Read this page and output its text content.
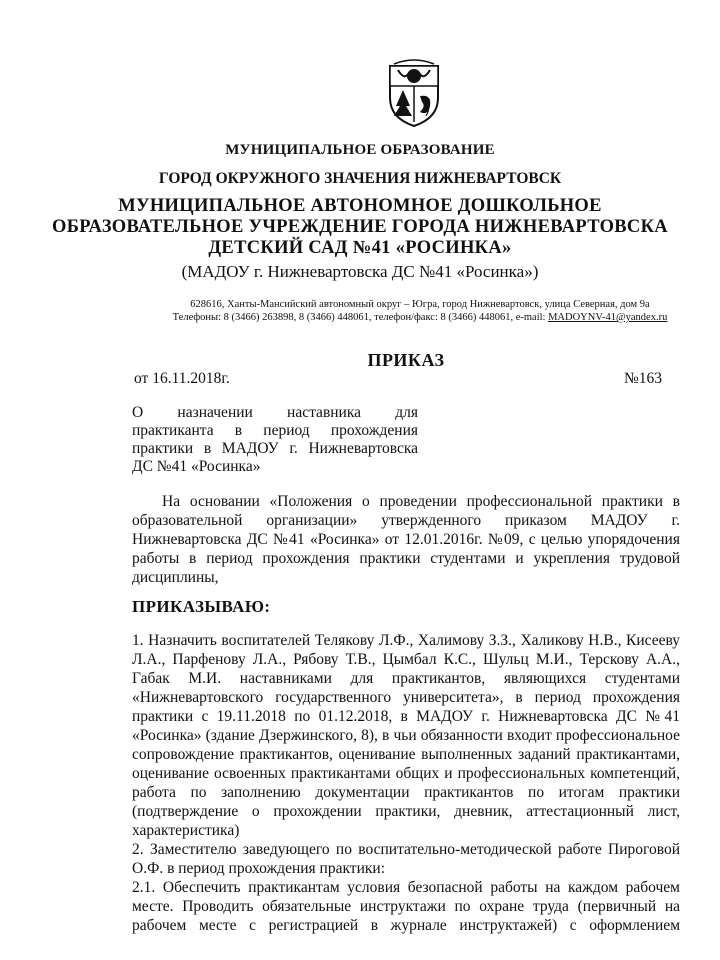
МУНИЦИПАЛЬНОЕ ОБРАЗОВАНИЕ
ГОРОД ОКРУЖНОГО ЗНАЧЕНИЯ НИЖНЕВАРТОВСК
МУНИЦИПАЛЬНОЕ АВТОНОМНОЕ ДОШКОЛЬНОЕ
ОБРАЗОВАТЕЛЬНОЕ УЧРЕЖДЕНИЕ ГОРОДА НИЖНЕВАРТОВСКА
ДЕТСКИЙ САД №41 «РОСИНКА»
(МАДОУ г. Нижневартовска ДС №41 «Росинка»)
628616, Ханты-Мансийский автономный округ – Югра, город Нижневартовск, улица Северная, дом 9а
Телефоны: 8 (3466) 263898, 8 (3466) 448061, телефон/факс: 8 (3466) 448061, e-mail: MADOYNV-41@yandex.ru
ПРИКАЗ
от 16.11.2018г.	№163
О назначении наставника для
практиканта в период прохождения
практики в МАДОУ г. Нижневартовска
ДС №41 «Росинка»
На основании «Положения о проведении профессиональной практики в
образовательной организации» утвержденного приказом МАДОУ г.
Нижневартовска ДС №41 «Росинка» от 12.01.2016г. №09, с целью упорядочения
работы в период прохождения практики студентами и укрепления трудовой
дисциплины,
ПРИКАЗЫВАЮ:
1. Назначить воспитателей Телякову Л.Ф., Халимову З.З., Халикову Н.В., Кисееву
Л.А., Парфенову Л.А., Рябову Т.В., Цымбал К.С., Шульц М.И., Терскову А.А.,
Габак М.И. наставниками для практикантов, являющихся студентами
«Нижневартовского государственного университета», в период прохождения
практики с 19.11.2018 по 01.12.2018, в МАДОУ г. Нижневартовска ДС №41
«Росинка» (здание Дзержинского, 8), в чьи обязанности входит профессиональное
сопровождение практикантов, оценивание выполненных заданий практикантами,
оценивание освоенных практикантами общих и профессиональных компетенций,
работа по заполнению документации практикантов по итогам практики
(подтверждение о прохождении практики, дневник, аттестационный лист,
характеристика)
2. Заместителю заведующего по воспитательно-методической работе Пироговой
О.Ф. в период прохождения практики:
2.1. Обеспечить практикантам условия безопасной работы на каждом рабочем
месте. Проводить обязательные инструктажи по охране труда (первичный на
рабочем месте с регистрацией в журнале инструктажей) с оформлением
